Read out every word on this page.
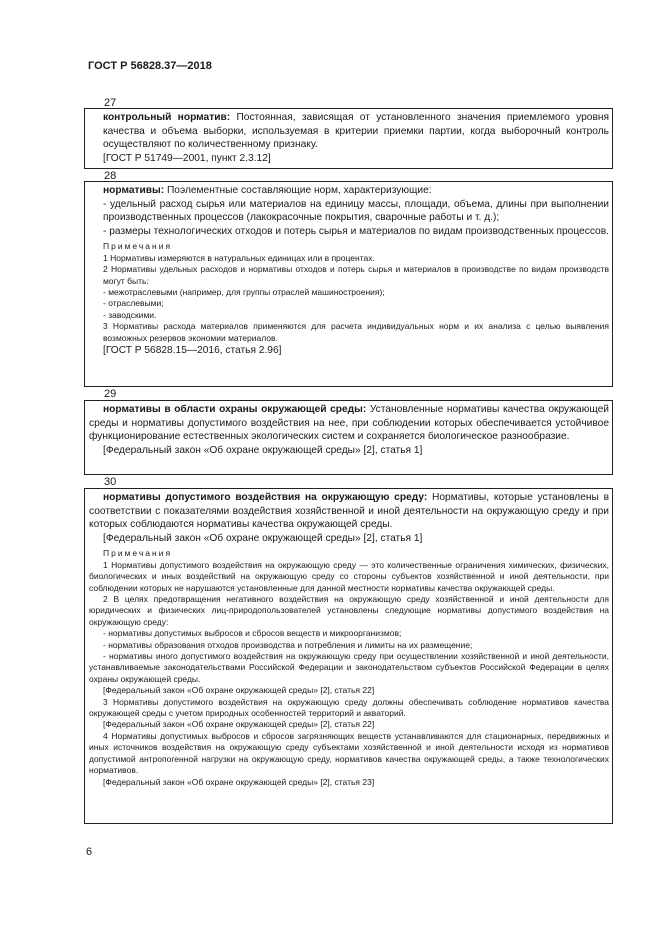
ГОСТ Р 56828.37—2018
27

контрольный норматив: Постоянная, зависящая от установленного значения приемлемого уровня качества и объема выборки, используемая в критерии приемки партии, когда выборочный контроль осуществляют по количественному признаку.

[ГОСТ Р 51749—2001, пункт 2.3.12]

28

нормативы: Поэлементные составляющие норм, характеризующие:

- удельный расход сырья или материалов на единицу массы, площади, объема, длины при выполнении производственных процессов (лакокрасочные покрытия, сварочные работы и т. д.);

- размеры технологических отходов и потерь сырья и материалов по видам производственных процессов.

Примечания

1 Нормативы измеряются в натуральных единицах или в процентах.

2 Нормативы удельных расходов и нормативы отходов и потерь сырья и материалов в производстве по видам производств могут быть:

- межотраслевыми (например, для группы отраслей машиностроения);

- отраслевыми;

- заводскими.

3 Нормативы расхода материалов применяются для расчета индивидуальных норм и их анализа с целью выявления возможных резервов экономии материалов.

[ГОСТ Р 56828.15—2016, статья 2.96]

29

нормативы в области охраны окружающей среды: Установленные нормативы качества окружающей среды и нормативы допустимого воздействия на нее, при соблюдении которых обеспечивается устойчивое функционирование естественных экологических систем и сохраняется биологическое разнообразие.

[Федеральный закон «Об охране окружающей среды» [2], статья 1]

30

нормативы допустимого воздействия на окружающую среду: Нормативы, которые установлены в соответствии с показателями воздействия хозяйственной и иной деятельности на окружающую среду и при которых соблюдаются нормативы качества окружающей среды.

[Федеральный закон «Об охране окружающей среды» [2], статья 1]

Примечания

1 Нормативы допустимого воздействия на окружающую среду — это количественные ограничения химических, физических, биологических и иных воздействий на окружающую среду со стороны субъектов хозяйственной и иной деятельности, при соблюдении которых не нарушаются установленные для данной местности нормативы качества окружающей среды.

2 В целях предотвращения негативного воздействия на окружающую среду хозяйственной и иной деятельности для юридических и физических лиц-природопользователей установлены следующие нормативы допустимого воздействия на окружающую среду:

- нормативы допустимых выбросов и сбросов веществ и микроорганизмов;

- нормативы образования отходов производства и потребления и лимиты на их размещение;

- нормативы иного допустимого воздействия на окружающую среду при осуществлении хозяйственной и иной деятельности, устанавливаемые законодательствами Российской Федерации и законодательством субъектов Российской Федерации в целях охраны окружающей среды.

[Федеральный закон «Об охране окружающей среды» [2], статья 22]

3 Нормативы допустимого воздействия на окружающую среду должны обеспечивать соблюдение нормативов качества окружающей среды с учетом природных особенностей территорий и акваторий.

[Федеральный закон «Об охране окружающей среды» [2], статья 22]

4 Нормативы допустимых выбросов и сбросов загрязняющих веществ устанавливаются для стационарных, передвижных и иных источников воздействия на окружающую среду субъектами хозяйственной и иной деятельности исходя из нормативов допустимой антропогенной нагрузки на окружающую среду, нормативов качества окружающей среды, а также технологических нормативов.

[Федеральный закон «Об охране окружающей среды» [2], статья 23]

6
